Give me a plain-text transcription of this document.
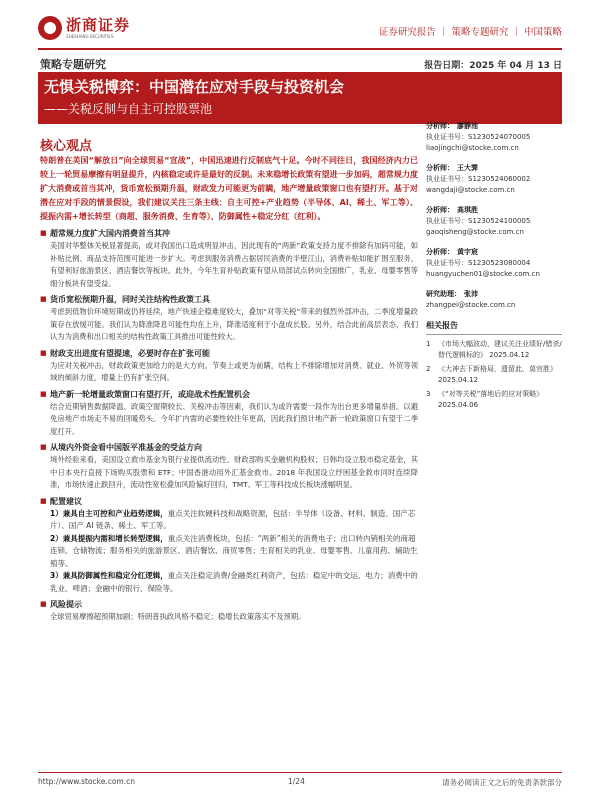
浙商证券
ZHESHANG SECURITIES	证券研究报告 ｜ 策略专题研究 ｜ 中国策略
策略专题研究	报告日期：2025 年 04 月 13 日
无惧关税博弈：中国潜在应对手段与投资机会
——关税反制与自主可控股票池
核心观点

特朗普在美国“解放日”向全球贸易“宣战”，中国迅速进行反制底气十足。今时不同往日，我国经济内力已较上一轮贸易摩擦有明显提升，内核稳定或许是最好的反制。未来稳增长政策有望进一步加码，超常规力度扩大消费或首当其冲，货币宽松预期升温，财政发力可能更为前瞒，地产增量政策窗口也有望打开。基于对潜在应对手段的情景假设，我们建议关注三条主线：自主可控+产业趋势（半导体、AI、稀土、军工等）、提振内需+增长转型（商超、服务消费、生育等）、防御属性+稳定分红（红利）。

■ 超常规力度扩大国内消费首当其冲
美国对华整体关税显著提高，或对我国出口造成明显冲击，因此现有的“两新”政策支持力度不排除有加码可能，如补贴比例、商品支持范围可能进一步扩大。考虑到服务消费占据居民消费的半壁江山，消费补贴如能扩围至服务，有望利好旅游景区、酒店餐饮等板块。此外，今年生育补贴政策有望从局部试点转向全国推广，乳业、母婴零售等细分板块有望受益。
■ 货币宽松预期升温，同时关注结构性政策工具
考虑到低物价环境短期或仍将延续，地产快速企稳难度较大，叠加“对等关税”带来的强烈外部冲击，二季度增量政策存在放缓可能。我们认为降准降息可能性均在上升，降准适度利于小盘成长股。另外，结合此前高层表态，我们认为为消费和出口相关的结构性政策工具推出可能性较大。
■ 财政支出进度有望提速，必要时存在扩张可能
为应对关税冲击，财政政策更加给力的是大方向。节奏上或更为前瞒，结构上不排除增加对消费、就业、外贸等领域的倾斜力度，增量上仍有扩张空间。
■ 地产新一轮增量政策窗口有望打开，或迎战术性配置机会
结合近期销售数据降温、政策空窗期较长、关税冲击等因素，我们认为或许需要一段作为出台更多增量举措。以避免房地产市场走不易的回暖势头。今年扩内需的必要性较往年更高，因此我们预计地产新一轮政策窗口有望于二季度打开。
■ 从境内外资金看中国版平准基金的受益方向
境外经验来看，美国设立救市基金为银行业提供流动性、财政部购买金融机构股权；日韩均设立股市稳定基金，其中日本央行直接下场购买股票和 ETF；中国香港动用外汇基金救市。2018 年我国设立纾困基金救市同时连续降准，市场快速止跌回升，流动性宽松叠加风险偏好回归，TMT、军工等科技成长板块涨幅明显。
■ 配置建议
1）兼具自主可控和产业趋势逻辑，重点关注软硬科技和战略资源，包括：半导体（设备、材料、制造、国产芯片）、国产 AI 链条、稀土、军工等。
2）兼具提振内需和增长转型逻辑，重点关注消费板块，包括：“两新”相关的消费电子；出口转内销相关的商超连锁、仓储物流；服务相关的旅游景区、酒店餐饮、商贸零售；生育相关的乳业、母婴零售、儿童用药、辅助生殖等。
3）兼具防御属性和稳定分红逻辑，重点关注稳定消费/金融类红利资产，包括：稳定中的交运、电力；消费中的乳业、啤酒；金融中的银行、保险等。
■ 风险提示
全球贸易摩擦超预期加剧；特朗普执政风格不稳定；稳增长政策落实不及预期。
分析师： 廖静池
执业证书号：S1230524070005
liaojingchi@stocke.com.cn
分析师： 王大霁
执业证书号：S1230524060002
wangdaji@stocke.com.cn
分析师： 高琪胜
执业证书号：S1230524100005
gaoqisheng@stocke.com.cn
分析师： 黄宇宸
执业证书号：S1230523080004
huangyuchen01@stocke.com.cn
研究助理： 张沛
zhangpei@stocke.com.cn
相关报告
1 《市场大幅波动，建议关注业绩好/错杀/替代逻辑标的》 2025.04.12
2 《大神去下新格局，遗留此、莫官胜》 2025.04.12
3 《“对等关税”落地后的应对策略》 2025.04.06
http://www.stocke.com.cn	1/24	请务必阅读正文之后的免责条款部分
